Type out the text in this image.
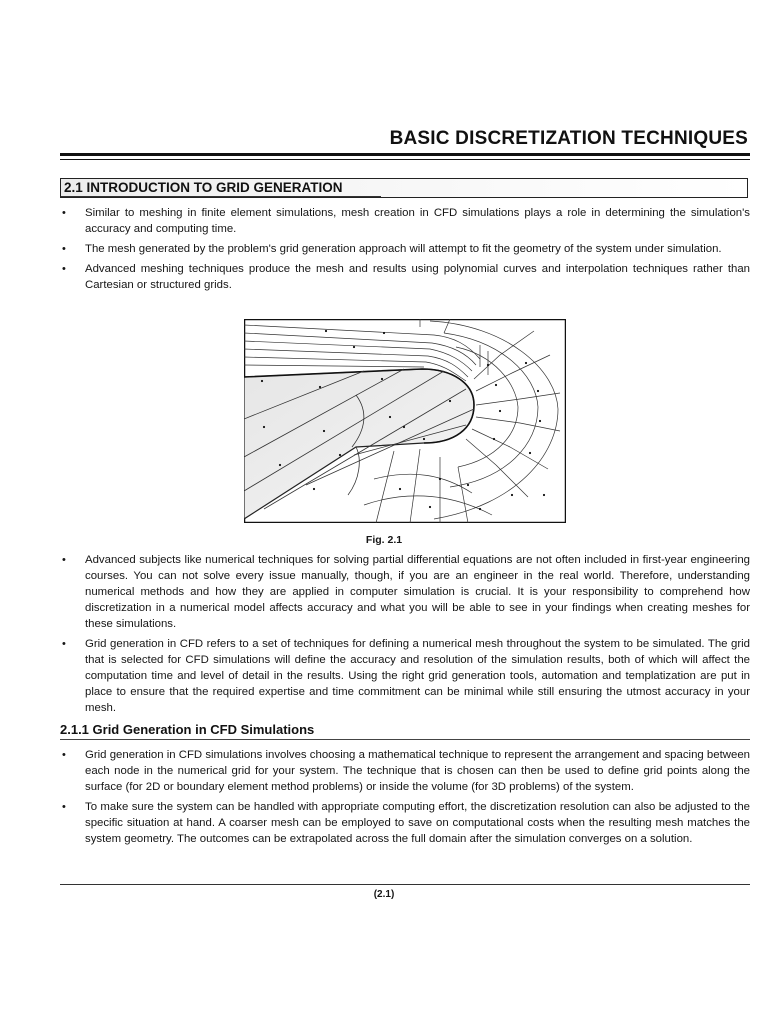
BASIC DISCRETIZATION TECHNIQUES
2.1 INTRODUCTION TO GRID GENERATION
• Similar to meshing in finite element simulations, mesh creation in CFD simulations plays a role in determining the simulation's accuracy and computing time.
• The mesh generated by the problem's grid generation approach will attempt to fit the geometry of the system under simulation.
• Advanced meshing techniques produce the mesh and results using polynomial curves and interpolation techniques rather than Cartesian or structured grids.
Fig. 2.1
• Advanced subjects like numerical techniques for solving partial differential equations are not often included in first-year engineering courses. You can not solve every issue manually, though, if you are an engineer in the real world. Therefore, understanding numerical methods and how they are applied in computer simulation is crucial. It is your responsibility to comprehend how discretization in a numerical model affects accuracy and what you will be able to see in your findings when creating meshes for these simulations.
• Grid generation in CFD refers to a set of techniques for defining a numerical mesh throughout the system to be simulated. The grid that is selected for CFD simulations will define the accuracy and resolution of the simulation results, both of which will affect the computation time and level of detail in the results. Using the right grid generation tools, automation and templatization are put in place to ensure that the required expertise and time commitment can be minimal while still ensuring the utmost accuracy in your mesh.
2.1.1 Grid Generation in CFD Simulations
• Grid generation in CFD simulations involves choosing a mathematical technique to represent the arrangement and spacing between each node in the numerical grid for your system. The technique that is chosen can then be used to define grid points along the surface (for 2D or boundary element method problems) or inside the volume (for 3D problems) of the system.
• To make sure the system can be handled with appropriate computing effort, the discretization resolution can also be adjusted to the specific situation at hand. A coarser mesh can be employed to save on computational costs when the resulting mesh matches the system geometry. The outcomes can be extrapolated across the full domain after the simulation converges on a solution.
(2.1)
